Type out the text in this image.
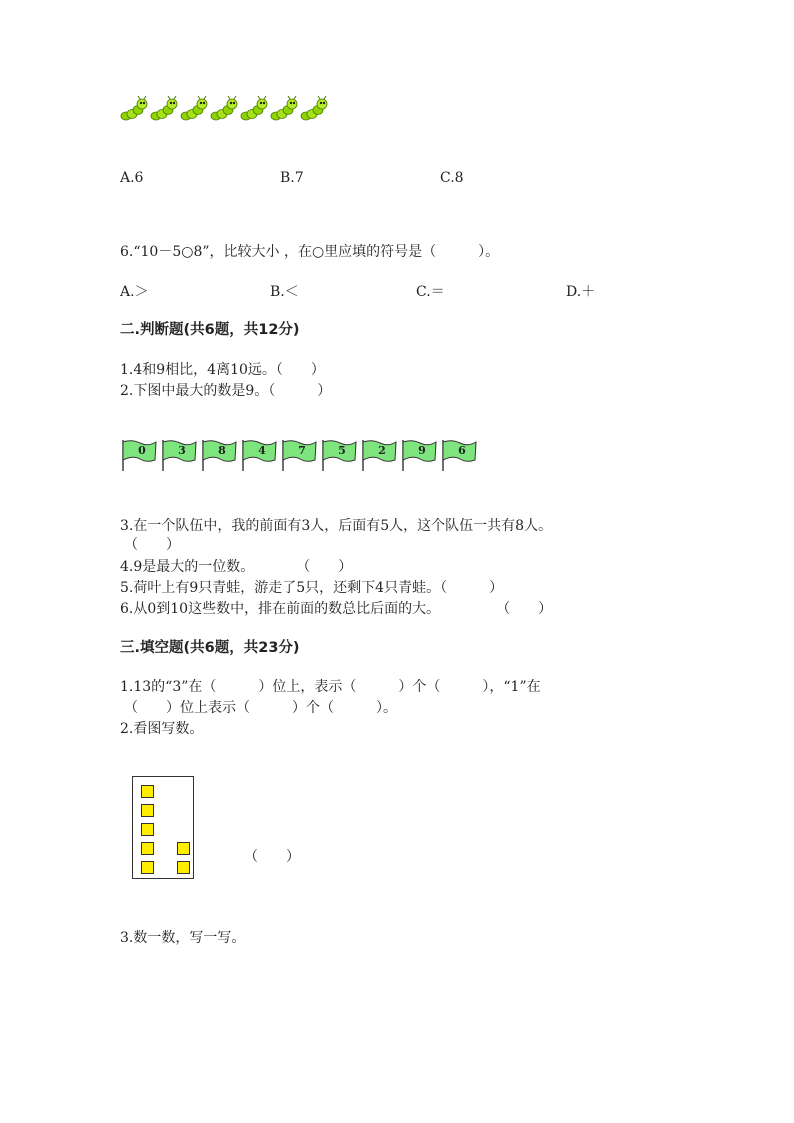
A.6	B.7	C.8
6.“10－5○8”，比较大小 ，在○里应填的符号是（　　　）。
A.＞	B.＜	C.＝	D.＋
二.判断题(共6题，共12分)
1.4和9相比，4离10远。（　　）
2.下图中最大的数是9。（　　　）
0	3	8	4	7	5	2	9	6
3.在一个队伍中，我的前面有3人，后面有5人，这个队伍一共有8人。
（　　）
4.9是最大的一位数。　　　　（　　）
5.荷叶上有9只青蛙，游走了5只，还剩下4只青蛙。（　　　）
6.从0到10这些数中，排在前面的数总比后面的大。　　　　　（　　）
三.填空题(共6题，共23分)
1.13的“3”在（　　　）位上，表示（　　　）个（　　　），“1”在
（　　）位上表示（　　　）个（　　　）。
2.看图写数。
（　　）
3.数一数，写一写。
